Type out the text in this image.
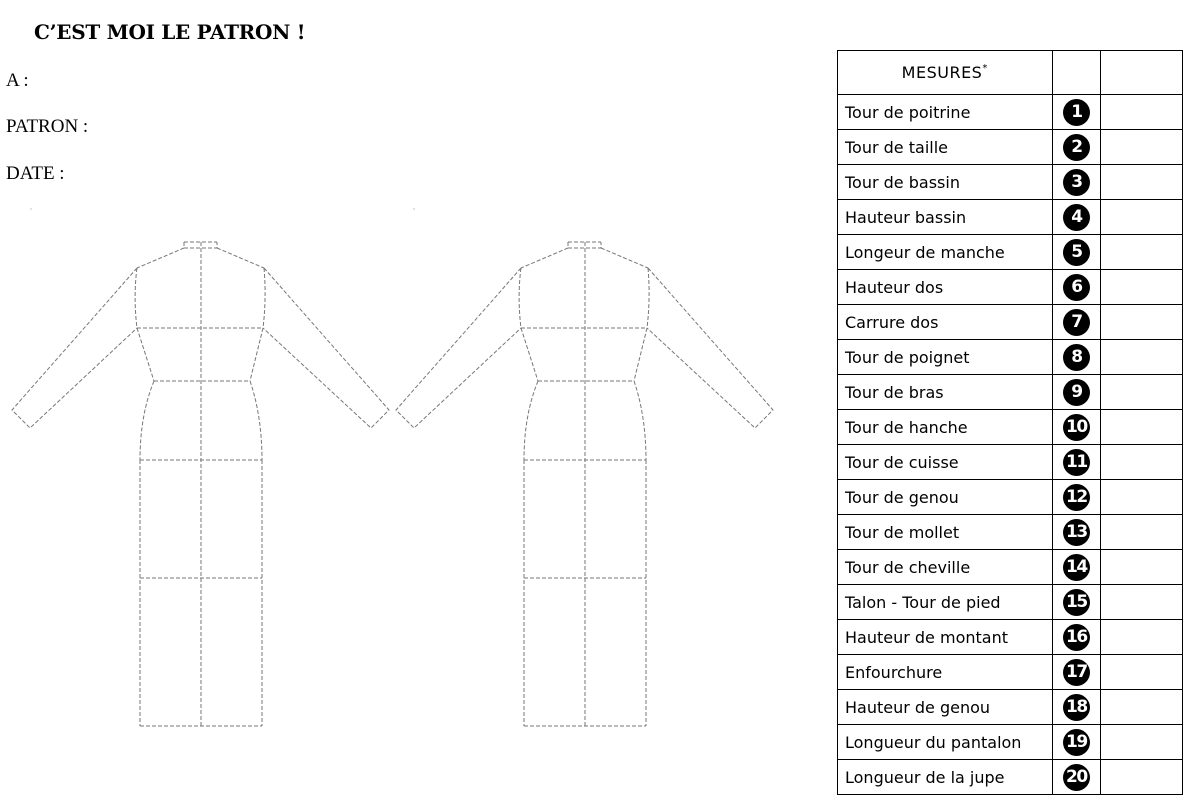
C’EST MOI LE PATRON !
A :
PATRON :
DATE :
MESURES*		
Tour de poitrine	1	
Tour de taille	2	
Tour de bassin	3	
Hauteur bassin	4	
Longeur de manche	5	
Hauteur dos	6	
Carrure dos	7	
Tour de poignet	8	
Tour de bras	9	
Tour de hanche	10	
Tour de cuisse	11	
Tour de genou	12	
Tour de mollet	13	
Tour de cheville	14	
Talon - Tour de pied	15	
Hauteur de montant	16	
Enfourchure	17	
Hauteur de genou	18	
Longueur du pantalon	19	
Longueur de la jupe	20	
